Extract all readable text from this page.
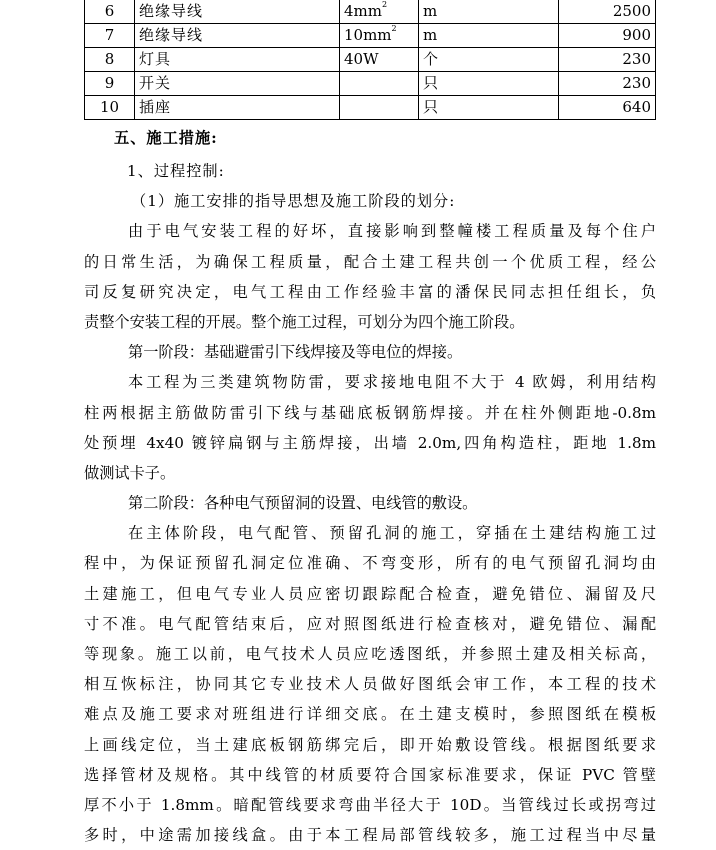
6	绝缘导线	$4mm^2$	m	2500
7	绝缘导线	$10mm^2$	m	900
8	灯具	40W	个	230
9	开关		只	230
10	插座		只	640
五、施工措施:
1、过程控制:
（1）施工安排的指导思想及施工阶段的划分:
由于电气安装工程的好坏，直接影响到整幢楼工程质量及每个住户
的日常生活，为确保工程质量，配合土建工程共创一个优质工程，经公
司反复研究决定，电气工程由工作经验丰富的潘保民同志担任组长，负
责整个安装工程的开展。整个施工过程，可划分为四个施工阶段。
第一阶段：基础避雷引下线焊接及等电位的焊接。
本工程为三类建筑物防雷，要求接地电阻不大于 4 欧姆，利用结构
柱两根据主筋做防雷引下线与基础底板钢筋焊接。并在柱外侧距地-0.8m
处预埋 4x40 镀锌扁钢与主筋焊接，出墙 2.0m,四角构造柱，距地 1.8m
做测试卡子。
第二阶段：各种电气预留洞的设置、电线管的敷设。
在主体阶段，电气配管、预留孔洞的施工，穿插在土建结构施工过
程中，为保证预留孔洞定位准确、不弯变形，所有的电气预留孔洞均由
土建施工，但电气专业人员应密切跟踪配合检查，避免错位、漏留及尺
寸不准。电气配管结束后，应对照图纸进行检查核对，避免错位、漏配
等现象。施工以前，电气技术人员应吃透图纸，并参照土建及相关标高，
相互恢标注，协同其它专业技术人员做好图纸会审工作，本工程的技术
难点及施工要求对班组进行详细交底。在土建支模时，参照图纸在模板
上画线定位，当土建底板钢筋绑完后，即开始敷设管线。根据图纸要求
选择管材及规格。其中线管的材质要符合国家标准要求，保证 PVC 管壁
厚不小于 1.8mm。暗配管线要求弯曲半径大于 10D。当管线过长或拐弯过
多时，中途需加接线盒。由于本工程局部管线较多，施工过程当中尽量
